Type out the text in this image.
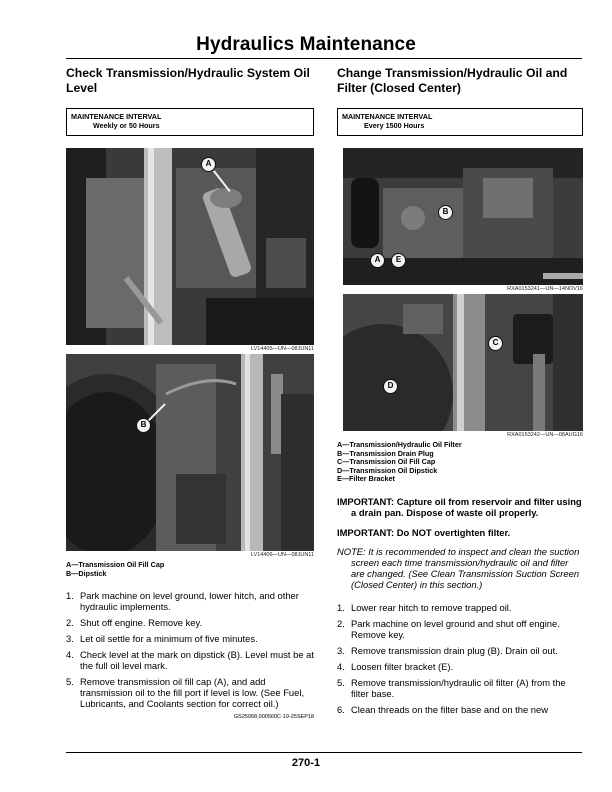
Hydraulics Maintenance
Check Transmission/Hydraulic System Oil Level
MAINTENANCE INTERVAL
Weekly or 50 Hours
A
LV14405—UN—08JUN11
B
LV14406—UN—08JUN11
A—Transmission Oil Fill Cap
B—Dipstick
1. Park machine on level ground, lower hitch, and other hydraulic implements.
2. Shut off engine. Remove key.
3. Let oil settle for a minimum of five minutes.
4. Check level at the mark on dipstick (B). Level must be at the full oil level mark.
5. Remove transmission oil fill cap (A), and add transmission oil to the fill port if level is low. (See Fuel, Lubricants, and Coolants section for correct oil.)
GS25068,000560C-19-25SEP18
Change Transmission/Hydraulic Oil and Filter (Closed Center)
MAINTENANCE INTERVAL
Every 1500 Hours
B
A	E
RXA0153241—UN—14NOV16
C
D
RXA0153242—UN—08AUG16
A—Transmission/Hydraulic Oil Filter
B—Transmission Drain Plug
C—Transmission Oil Fill Cap
D—Transmission Oil Dipstick
E—Filter Bracket
IMPORTANT: Capture oil from reservoir and filter using a drain pan. Dispose of waste oil properly.
IMPORTANT: Do NOT overtighten filter.
NOTE: It is recommended to inspect and clean the suction screen each time transmission/hydraulic oil and filter are changed. (See Clean Transmission Suction Screen (Closed Center) in this section.)
1. Lower rear hitch to remove trapped oil.
2. Park machine on level ground and shut off engine. Remove key.
3. Remove transmission drain plug (B). Drain oil out.
4. Loosen filter bracket (E).
5. Remove transmission/hydraulic oil filter (A) from the filter base.
6. Clean threads on the filter base and on the new
270-1
